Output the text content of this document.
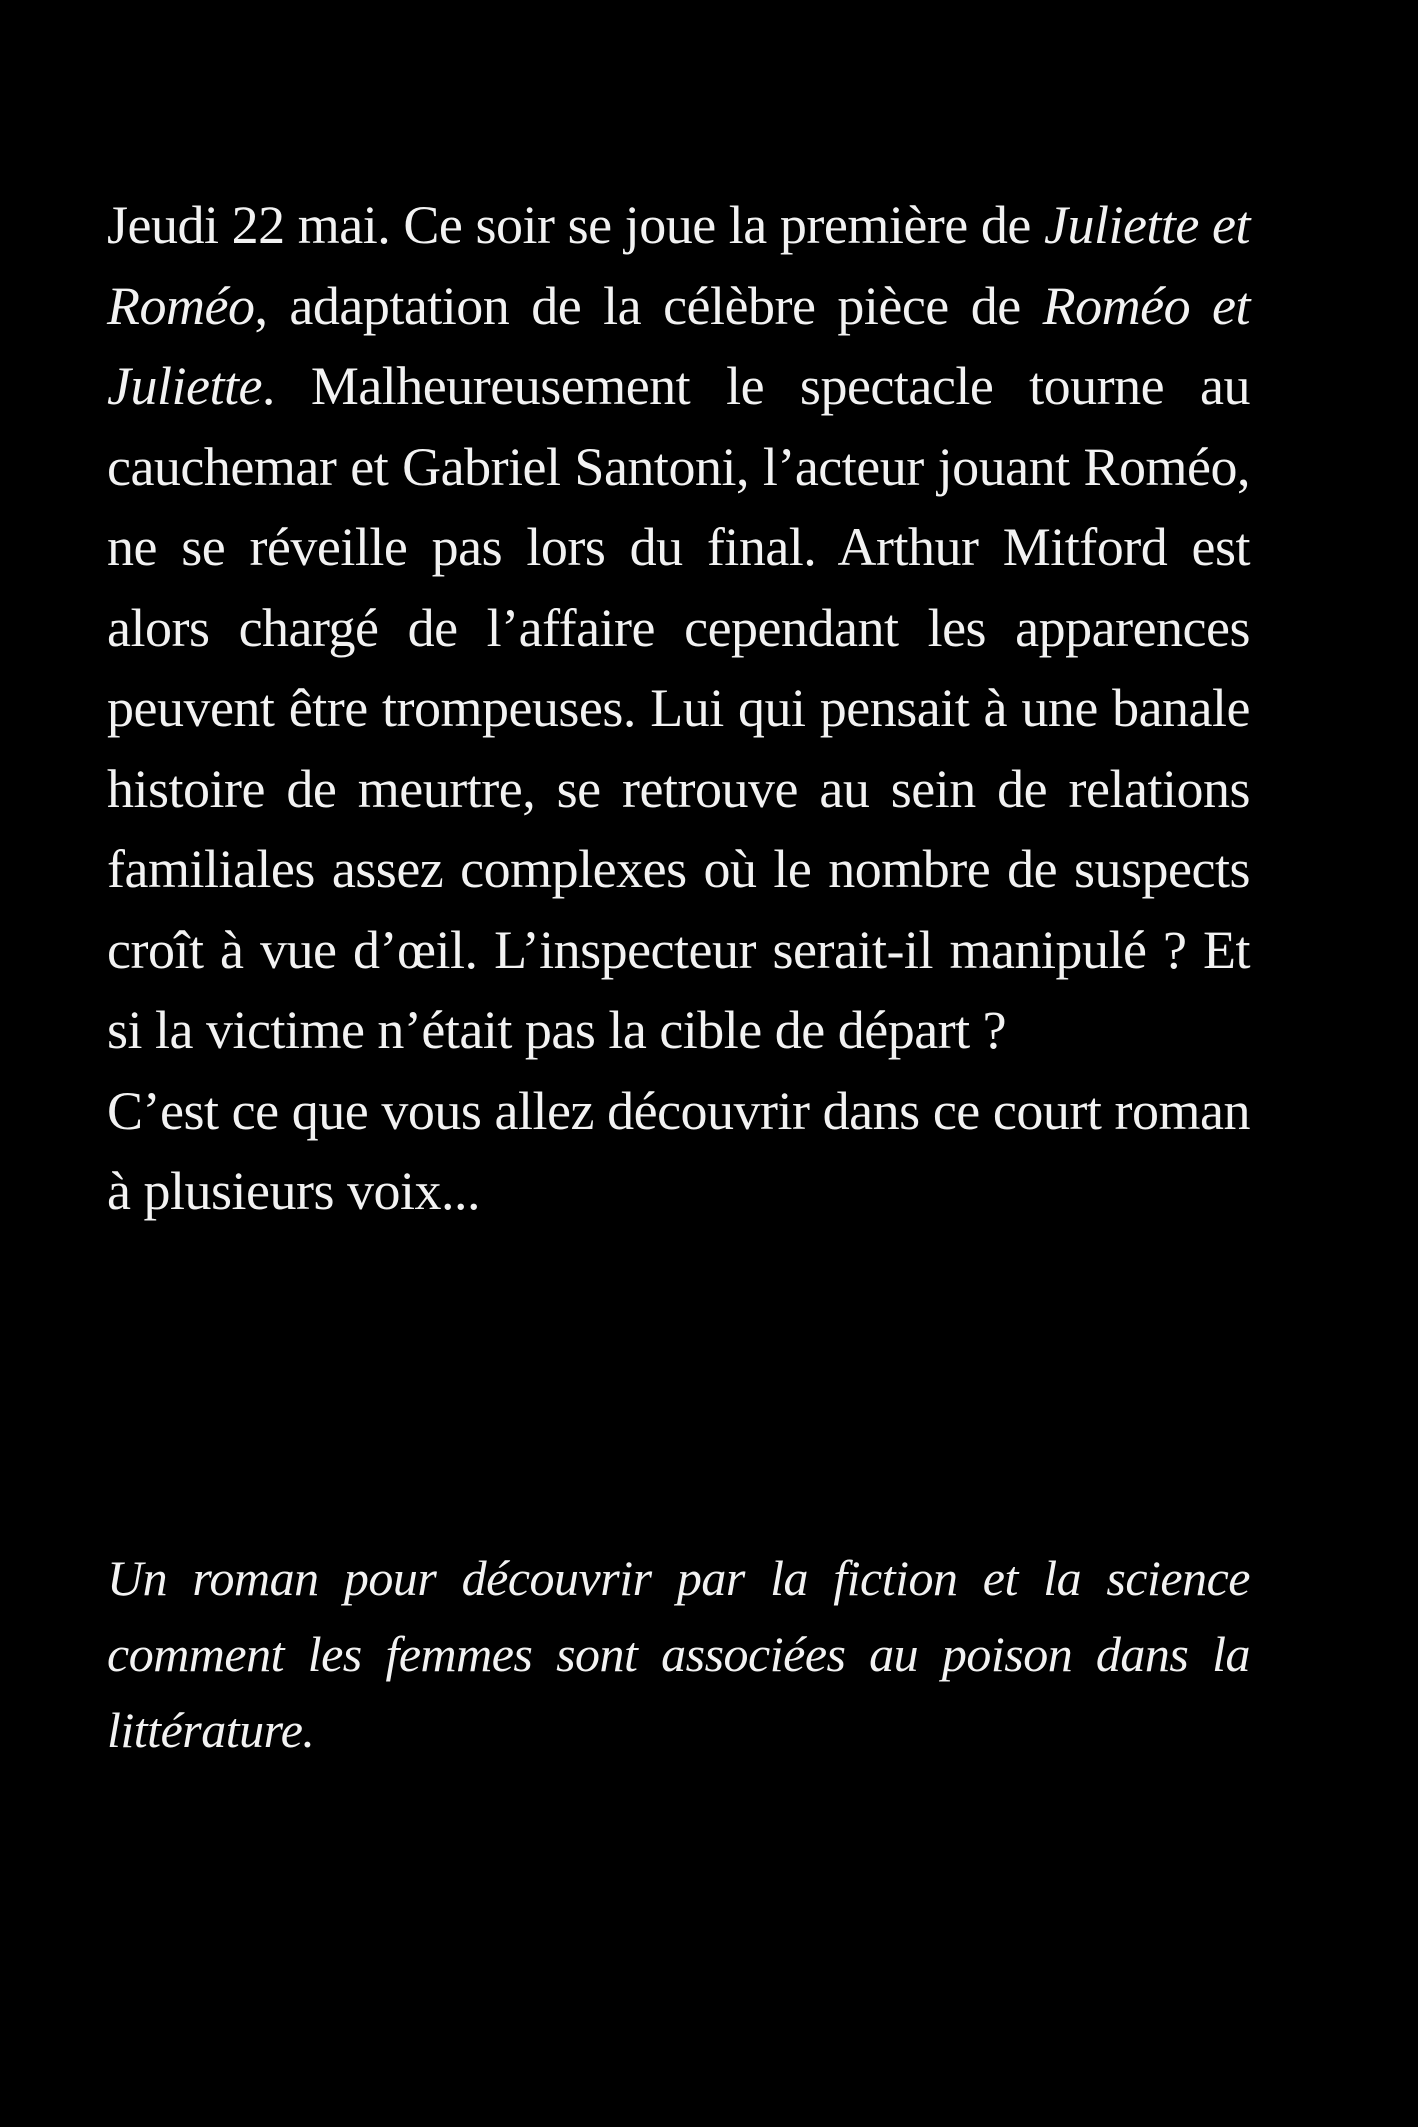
Jeudi 22 mai. Ce soir se joue la première de Juliette et Roméo, adaptation de la célèbre pièce de Roméo et Juliette. Malheureusement le spectacle tourne au cauchemar et Gabriel Santoni, l’acteur jouant Roméo, ne se réveille pas lors du final. Arthur Mitford est alors chargé de l’affaire cependant les apparences peuvent être trompeuses. Lui qui pensait à une banale histoire de meurtre, se retrouve au sein de relations familiales assez complexes où le nombre de suspects croît à vue d’œil. L’inspecteur serait-il manipulé ? Et si la victime n’était pas la cible de départ ?

C’est ce que vous allez découvrir dans ce court roman à plusieurs voix...

Un roman pour découvrir par la fiction et la science comment les femmes sont associées au poison dans la littérature.
